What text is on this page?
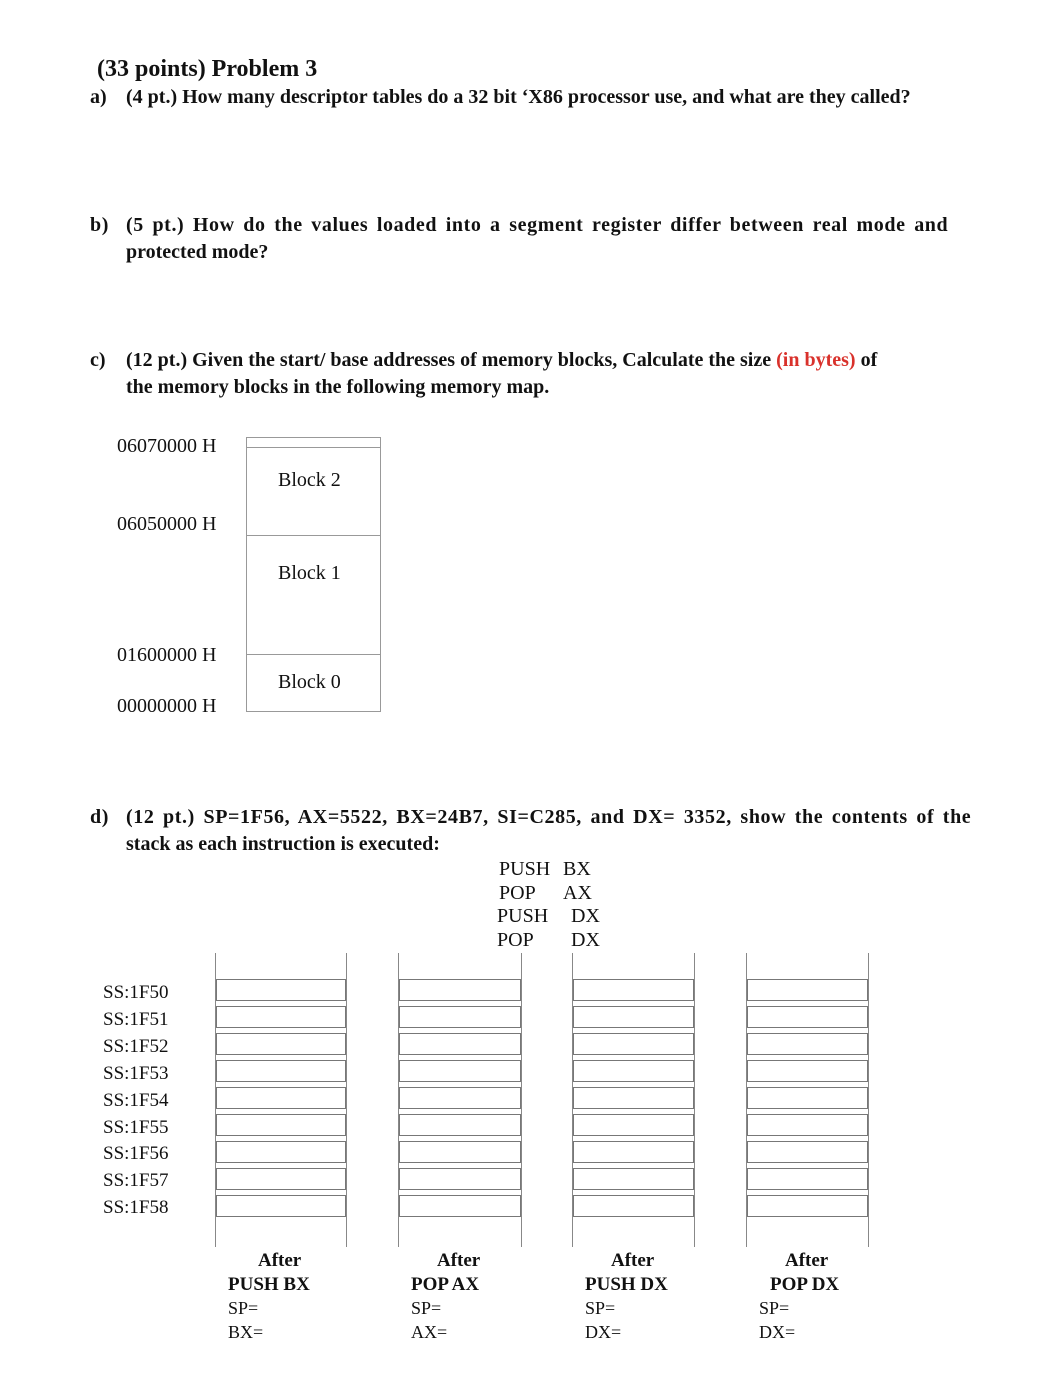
(33 points) Problem 3
a) (4 pt.) How many descriptor tables do a 32 bit ‘X86 processor use, and what are they called?
b) (5 pt.) How do the values loaded into a segment register differ between real mode and
protected mode?
c) (12 pt.) Given the start/ base addresses of memory blocks, Calculate the size (in bytes) of
the memory blocks in the following memory map.
06070000 H
06050000 H
01600000 H
00000000 H
Block 2
Block 1
Block 0
d) (12 pt.) SP=1F56, AX=5522, BX=24B7, SI=C285, and DX= 3352, show the contents of the
stack as each instruction is executed:
PUSH BX
POP AX
PUSH DX
POP DX
SS:1F50
SS:1F51
SS:1F52
SS:1F53
SS:1F54
SS:1F55
SS:1F56
SS:1F57
SS:1F58
After
PUSH BX
SP=
BX=
After
POP AX
SP=
AX=
After
PUSH DX
SP=
DX=
After
POP DX
SP=
DX=
